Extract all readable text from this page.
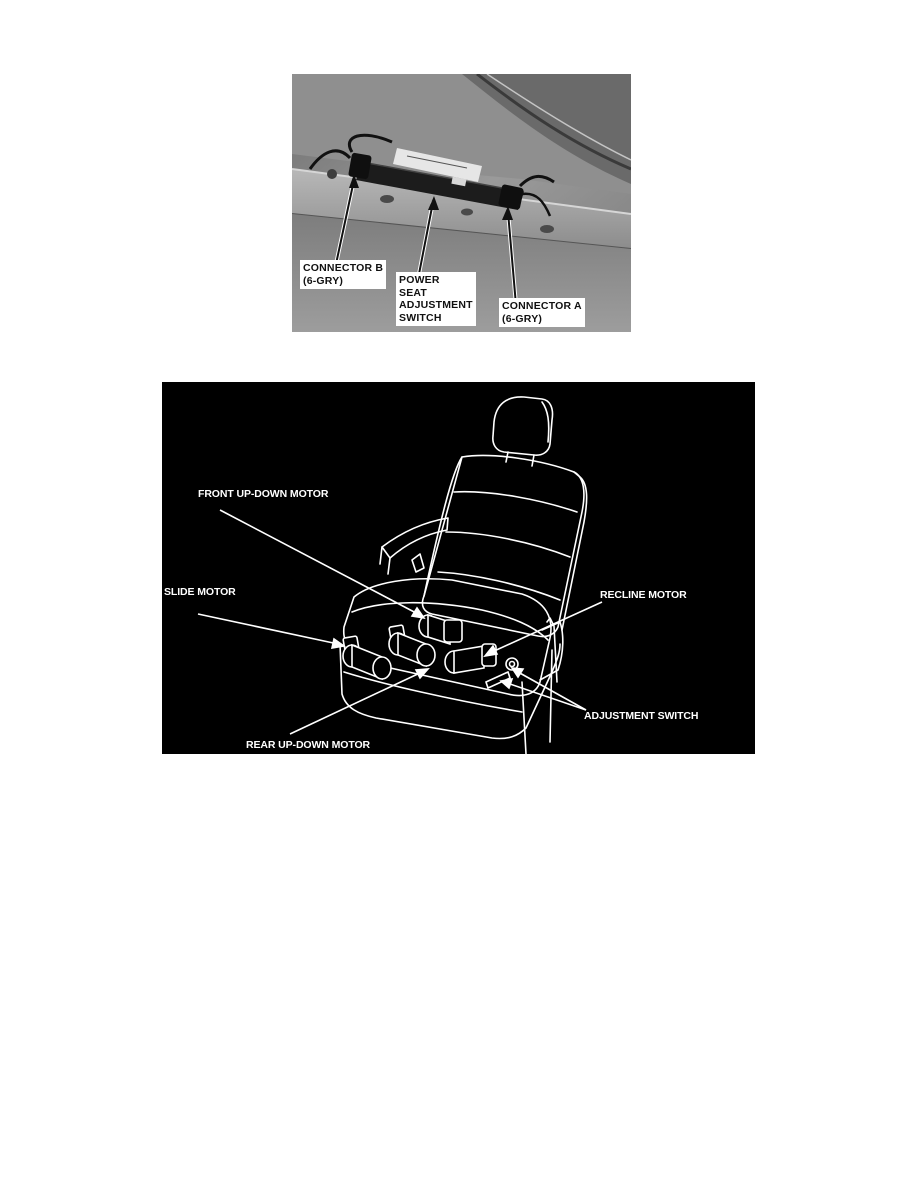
CONNECTOR B
(6-GRY)	POWER
SEAT
ADJUSTMENT
SWITCH
CONNECTOR A
(6-GRY)
FRONT UP-DOWN MOTOR
SLIDE MOTOR	RECLINE MOTOR
ADJUSTMENT SWITCH
REAR UP-DOWN MOTOR
